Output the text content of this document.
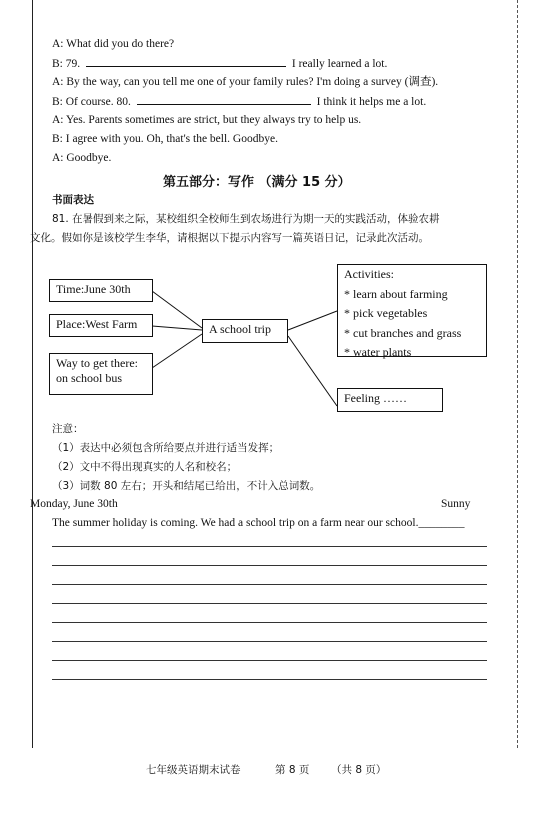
A: What did you do there?
B: 79.	I really learned a lot.
A: By the way, can you tell me one of your family rules? I'm doing a survey (调查).
B: Of course. 80.	I think it helps me a lot.
A: Yes. Parents sometimes are strict, but they always try to help us.
B: I agree with you. Oh, that's the bell. Goodbye.
A: Goodbye.
第五部分：写作 （满分 15 分）
书面表达
81. 在暑假到来之际，某校组织全校师生到农场进行为期一天的实践活动，体验农耕
文化。假如你是该校学生李华，请根据以下提示内容写一篇英语日记，记录此次活动。
Time:June 30th
Place:West Farm
Way to get there:
on school bus
A school trip
Activities:
* learn about farming
* pick vegetables
* cut branches and grass
* water plants
Feeling ……
注意：
（1）表达中必须包含所给要点并进行适当发挥；
（2）文中不得出现真实的人名和校名；
（3）词数 80 左右；开头和结尾已给出，不计入总词数。
Monday, June 30th	Sunny
The summer holiday is coming. We had a school trip on a farm near our school.________
七年级英语期末试卷	第 8 页 （共 8 页）
